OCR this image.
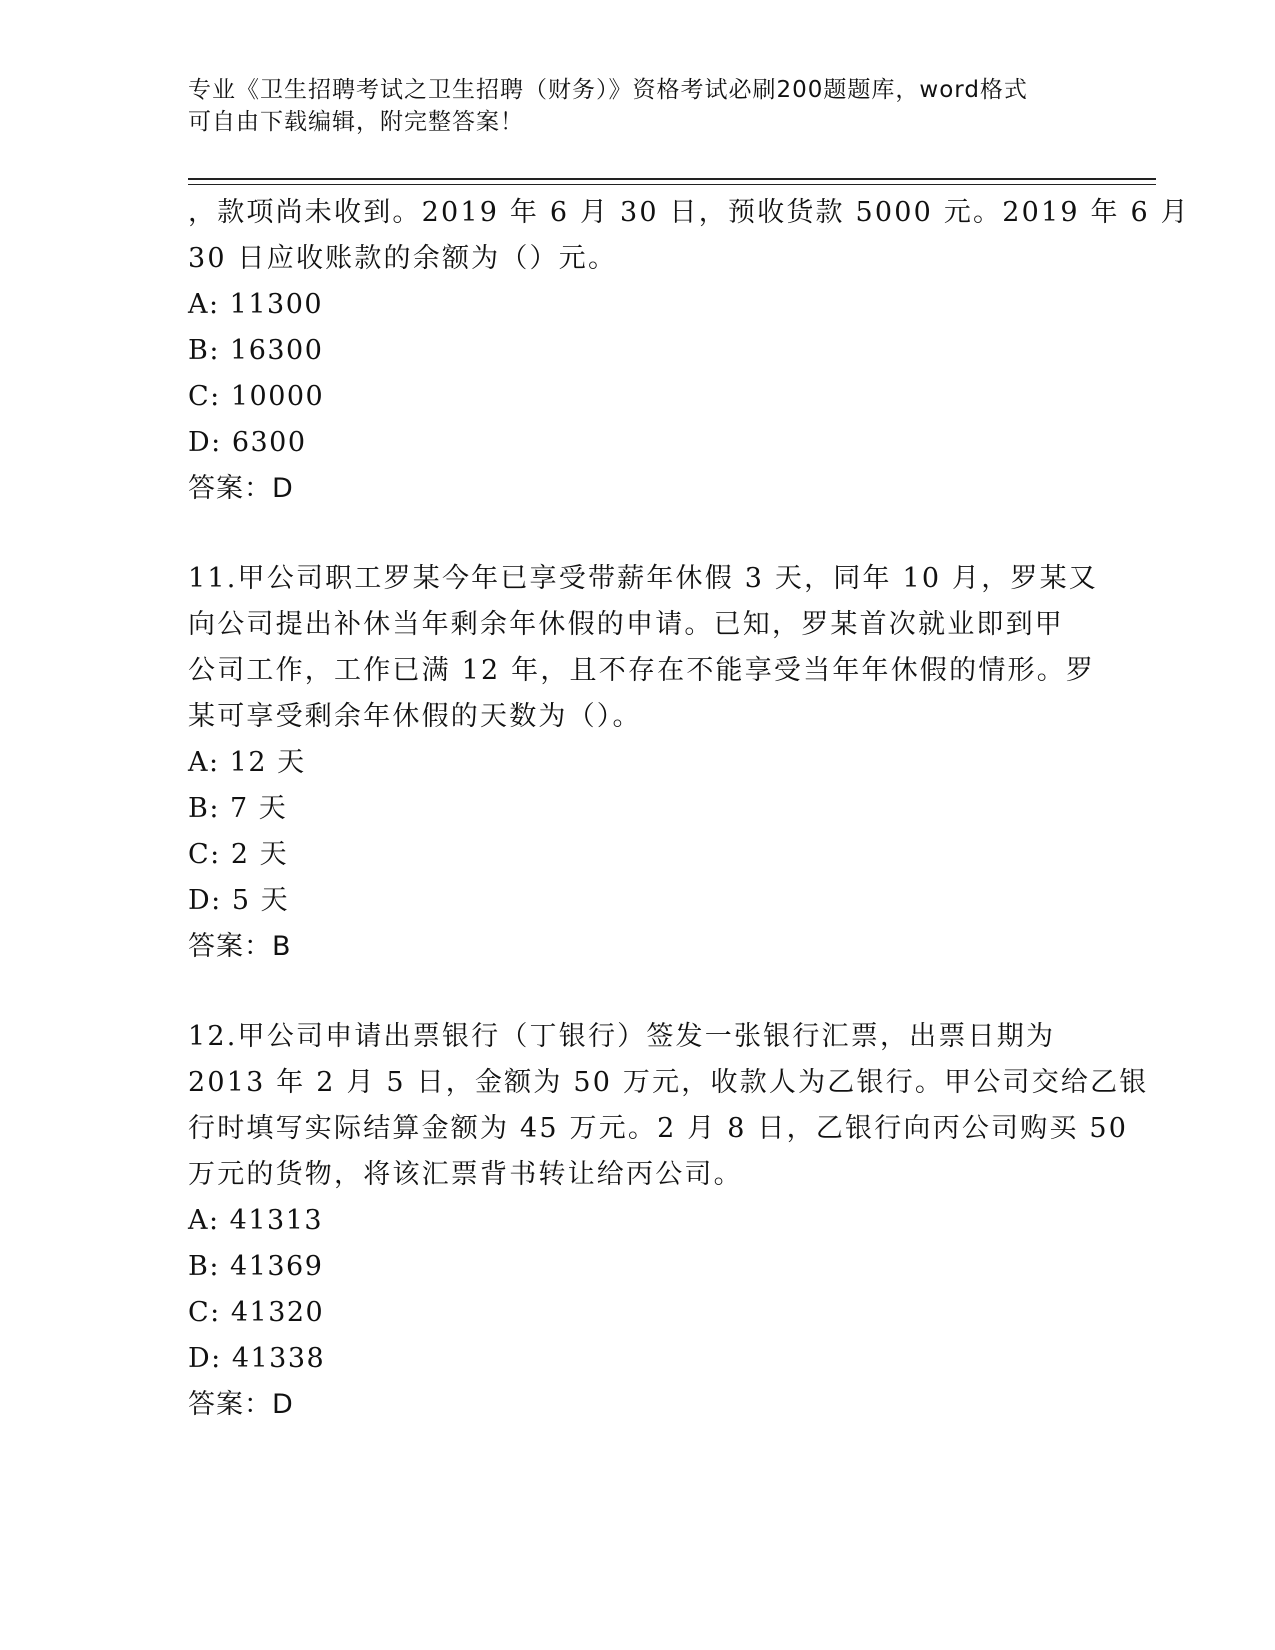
专业《卫生招聘考试之卫生招聘（财务）》资格考试必刷200题题库，word格式
可自由下载编辑，附完整答案！
，款项尚未收到。2019 年 6 月 30 日，预收货款 5000 元。2019 年 6 月
30 日应收账款的余额为（）元。
A: 11300
B: 16300
C: 10000
D: 6300
答案：D
11.甲公司职工罗某今年已享受带薪年休假 3 天，同年 10 月，罗某又
向公司提出补休当年剩余年休假的申请。已知，罗某首次就业即到甲
公司工作，工作已满 12 年，且不存在不能享受当年年休假的情形。罗
某可享受剩余年休假的天数为（）。
A: 12 天
B: 7 天
C: 2 天
D: 5 天
答案：B
12.甲公司申请出票银行（丁银行）签发一张银行汇票，出票日期为
2013 年 2 月 5 日，金额为 50 万元，收款人为乙银行。甲公司交给乙银
行时填写实际结算金额为 45 万元。2 月 8 日，乙银行向丙公司购买 50
万元的货物，将该汇票背书转让给丙公司。
A: 41313
B: 41369
C: 41320
D: 41338
答案：D
